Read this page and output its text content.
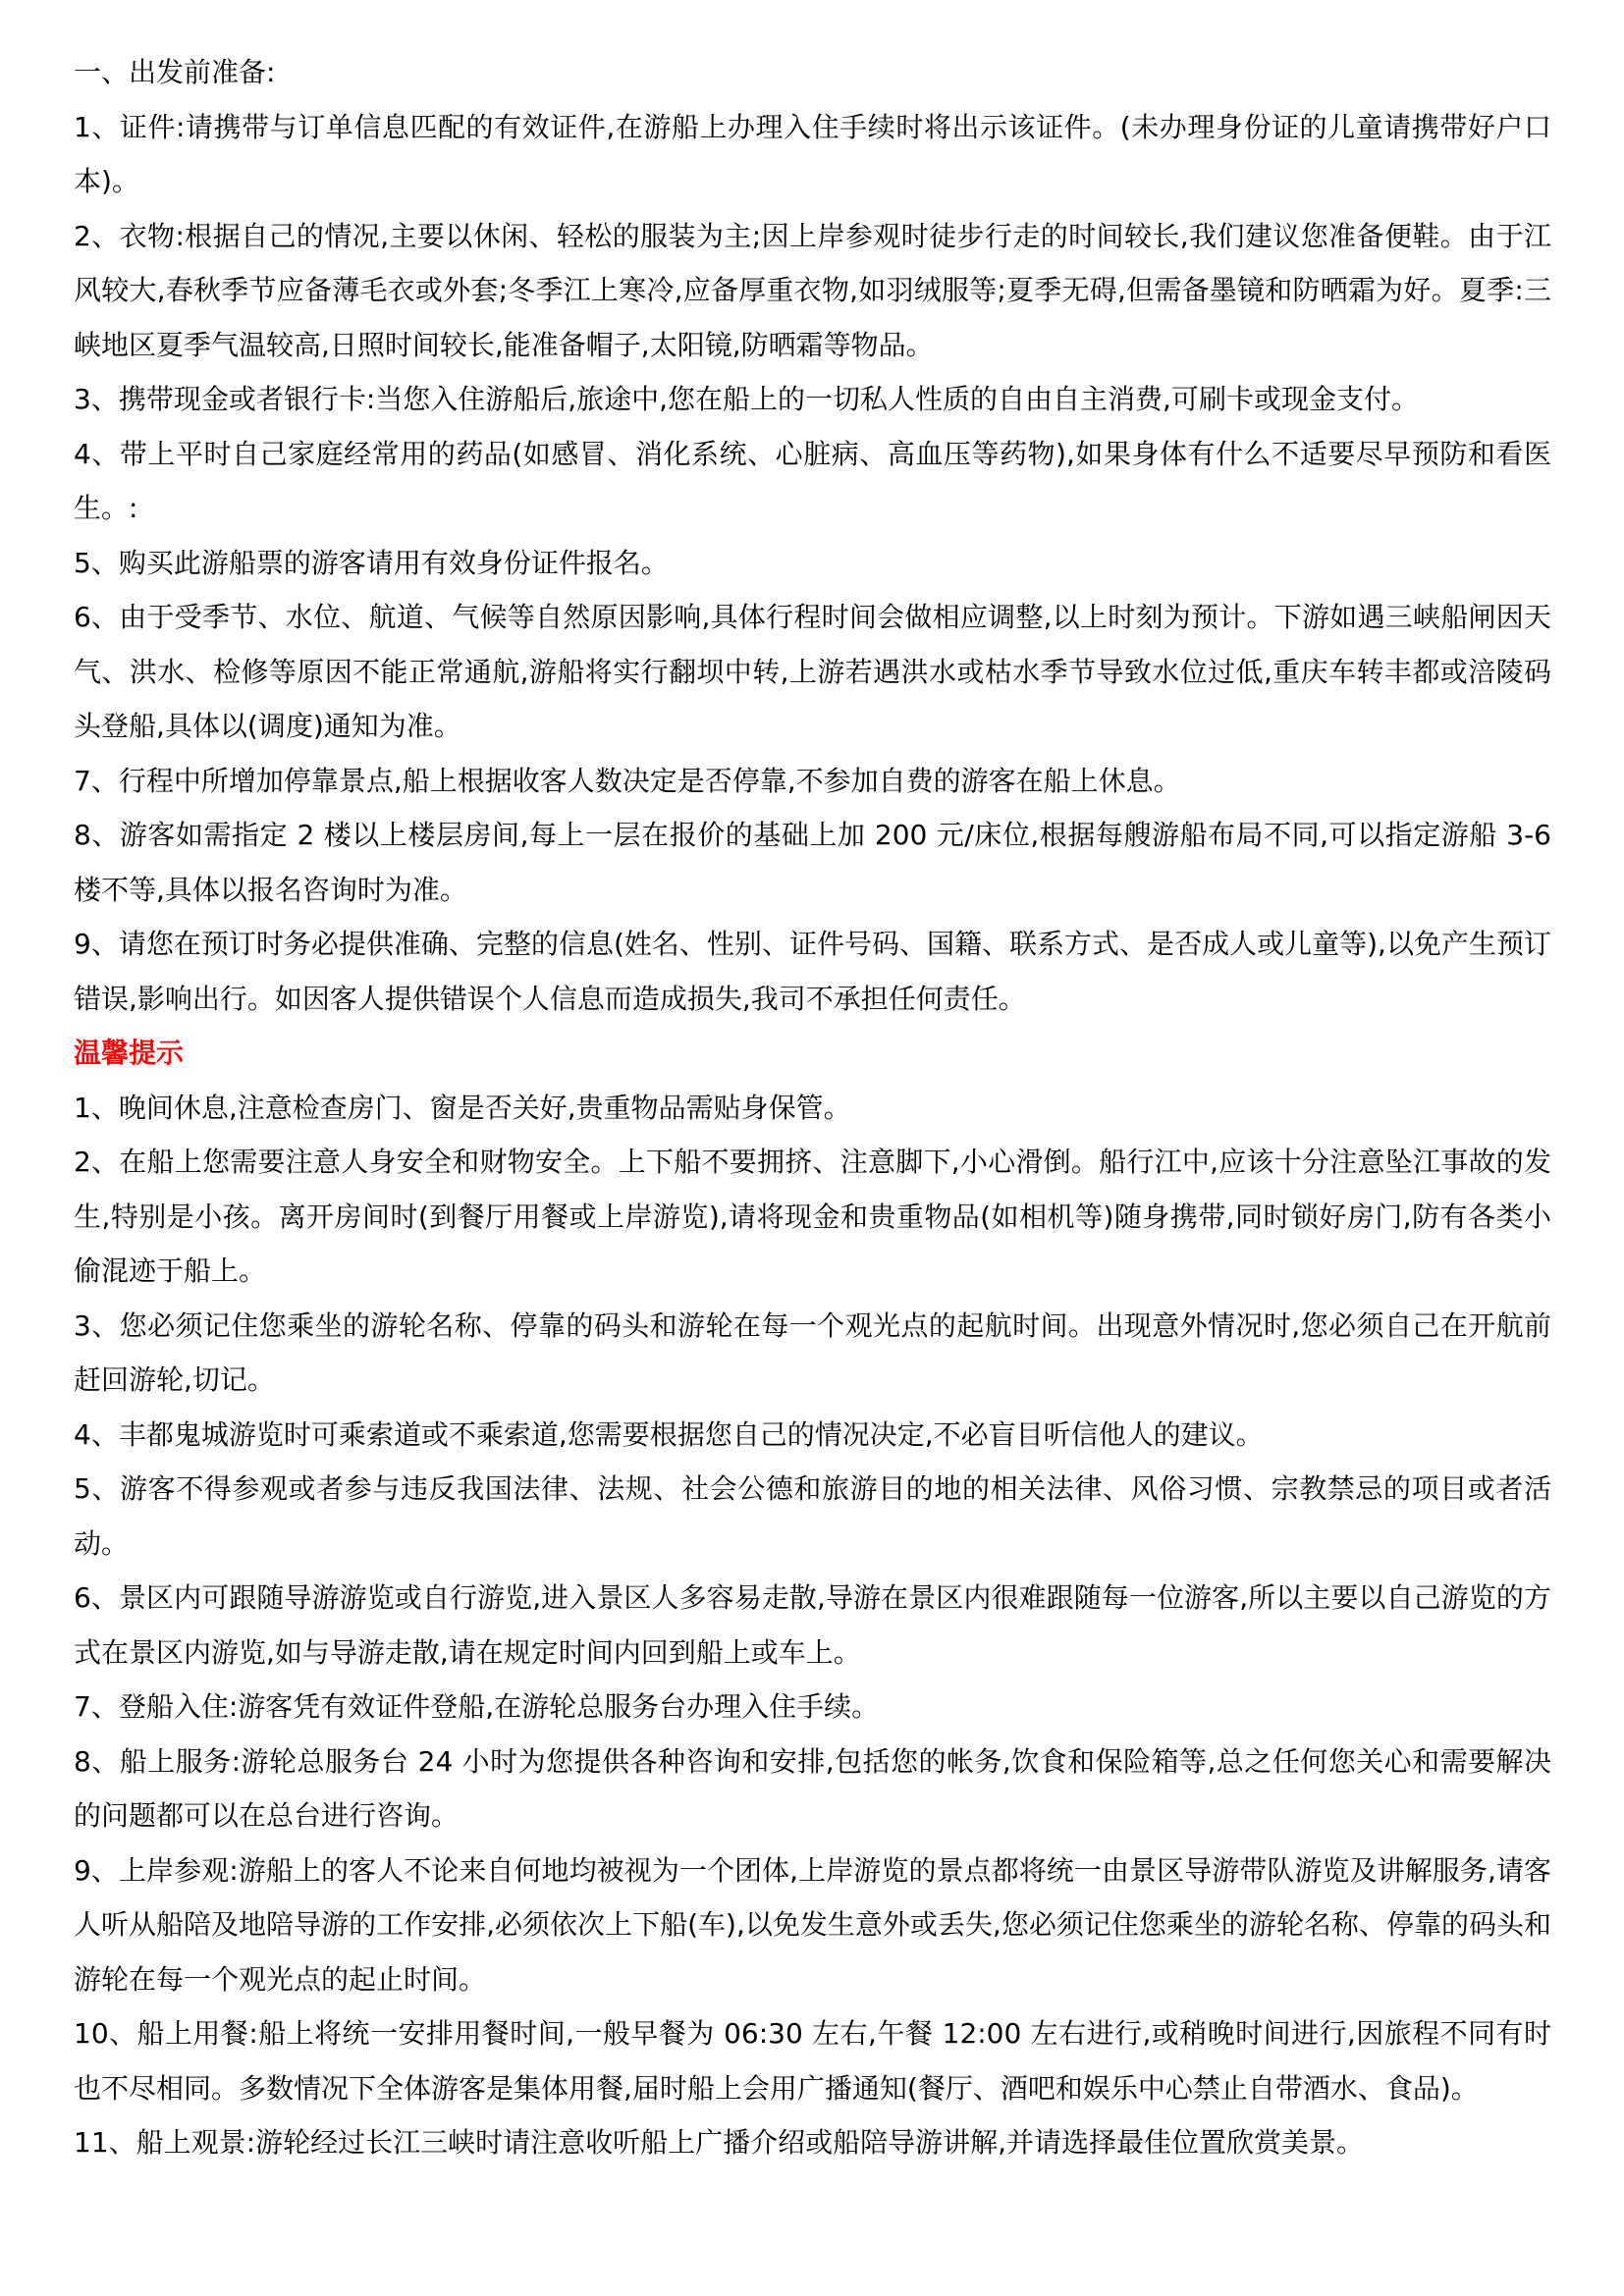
一、出发前准备:

1、证件:请携带与订单信息匹配的有效证件,在游船上办理入住手续时将出示该证件。(未办理身份证的儿童请携带好户口本)。

2、衣物:根据自己的情况,主要以休闲、轻松的服装为主;因上岸参观时徒步行走的时间较长,我们建议您准备便鞋。由于江风较大,春秋季节应备薄毛衣或外套;冬季江上寒冷,应备厚重衣物,如羽绒服等;夏季无碍,但需备墨镜和防晒霜为好。夏季:三峡地区夏季气温较高,日照时间较长,能准备帽子,太阳镜,防晒霜等物品。

3、携带现金或者银行卡:当您入住游船后,旅途中,您在船上的一切私人性质的自由自主消费,可刷卡或现金支付。

4、带上平时自己家庭经常用的药品(如感冒、消化系统、心脏病、高血压等药物),如果身体有什么不适要尽早预防和看医生。:

5、购买此游船票的游客请用有效身份证件报名。

6、由于受季节、水位、航道、气候等自然原因影响,具体行程时间会做相应调整,以上时刻为预计。下游如遇三峡船闸因天气、洪水、检修等原因不能正常通航,游船将实行翻坝中转,上游若遇洪水或枯水季节导致水位过低,重庆车转丰都或涪陵码头登船,具体以(调度)通知为准。

7、行程中所增加停靠景点,船上根据收客人数决定是否停靠,不参加自费的游客在船上休息。

8、游客如需指定 2 楼以上楼层房间,每上一层在报价的基础上加 200 元/床位,根据每艘游船布局不同,可以指定游船 3-6 楼不等,具体以报名咨询时为准。

9、请您在预订时务必提供准确、完整的信息(姓名、性别、证件号码、国籍、联系方式、是否成人或儿童等),以免产生预订错误,影响出行。如因客人提供错误个人信息而造成损失,我司不承担任何责任。

温馨提示

1、晚间休息,注意检查房门、窗是否关好,贵重物品需贴身保管。

2、在船上您需要注意人身安全和财物安全。上下船不要拥挤、注意脚下,小心滑倒。船行江中,应该十分注意坠江事故的发生,特别是小孩。离开房间时(到餐厅用餐或上岸游览),请将现金和贵重物品(如相机等)随身携带,同时锁好房门,防有各类小偷混迹于船上。

3、您必须记住您乘坐的游轮名称、停靠的码头和游轮在每一个观光点的起航时间。出现意外情况时,您必须自己在开航前赶回游轮,切记。

4、丰都鬼城游览时可乘索道或不乘索道,您需要根据您自己的情况决定,不必盲目听信他人的建议。

5、游客不得参观或者参与违反我国法律、法规、社会公德和旅游目的地的相关法律、风俗习惯、宗教禁忌的项目或者活动。

6、景区内可跟随导游游览或自行游览,进入景区人多容易走散,导游在景区内很难跟随每一位游客,所以主要以自己游览的方式在景区内游览,如与导游走散,请在规定时间内回到船上或车上。

7、登船入住:游客凭有效证件登船,在游轮总服务台办理入住手续。

8、船上服务:游轮总服务台 24 小时为您提供各种咨询和安排,包括您的帐务,饮食和保险箱等,总之任何您关心和需要解决的问题都可以在总台进行咨询。

9、上岸参观:游船上的客人不论来自何地均被视为一个团体,上岸游览的景点都将统一由景区导游带队游览及讲解服务,请客人听从船陪及地陪导游的工作安排,必须依次上下船(车),以免发生意外或丢失,您必须记住您乘坐的游轮名称、停靠的码头和游轮在每一个观光点的起止时间。

10、船上用餐:船上将统一安排用餐时间,一般早餐为 06:30 左右,午餐 12:00 左右进行,或稍晚时间进行,因旅程不同有时也不尽相同。多数情况下全体游客是集体用餐,届时船上会用广播通知(餐厅、酒吧和娱乐中心禁止自带酒水、食品)。

11、船上观景:游轮经过长江三峡时请注意收听船上广播介绍或船陪导游讲解,并请选择最佳位置欣赏美景。
